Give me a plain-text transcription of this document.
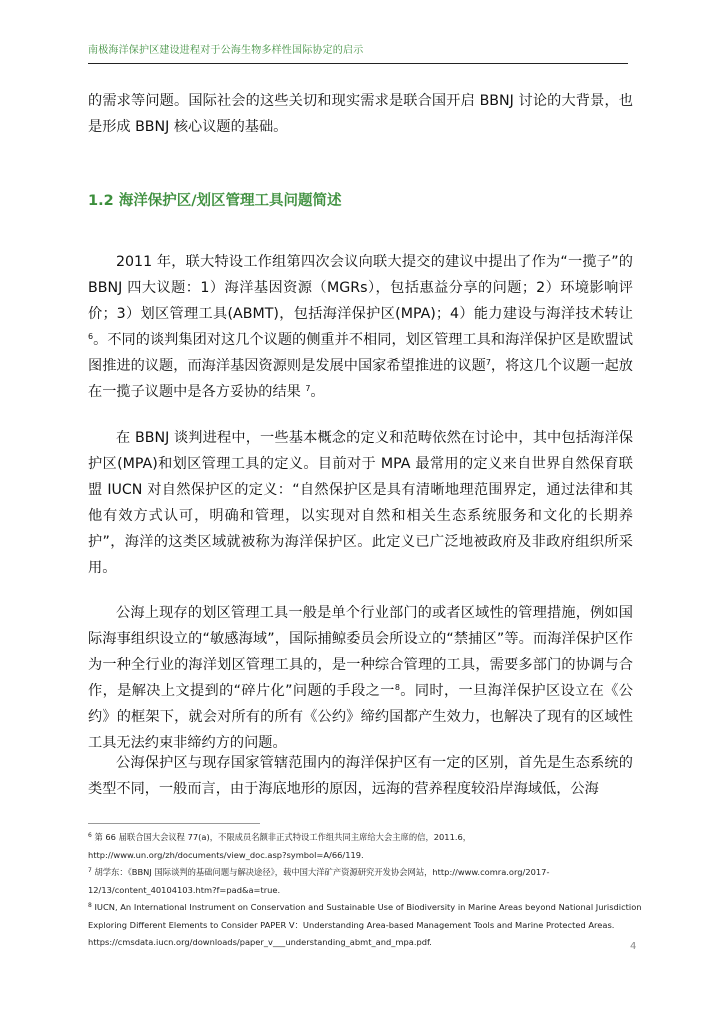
南极海洋保护区建设进程对于公海生物多样性国际协定的启示

的需求等问题。国际社会的这些关切和现实需求是联合国开启 BBNJ 讨论的大背景，也是形成 BBNJ 核心议题的基础。

1.2 海洋保护区/划区管理工具问题简述

2011 年，联大特设工作组第四次会议向联大提交的建议中提出了作为“一揽子”的 BBNJ 四大议题：1）海洋基因资源（MGRs），包括惠益分享的问题；2）环境影响评价；3）划区管理工具(ABMT)，包括海洋保护区(MPA)；4）能力建设与海洋技术转让$^6$。不同的谈判集团对这几个议题的侧重并不相同，划区管理工具和海洋保护区是欧盟试图推进的议题，而海洋基因资源则是发展中国家希望推进的议题$^7$，将这几个议题一起放在一揽子议题中是各方妥协的结果 $^7$。

在 BBNJ 谈判进程中，一些基本概念的定义和范畴依然在讨论中，其中包括海洋保护区(MPA)和划区管理工具的定义。目前对于 MPA 最常用的定义来自世界自然保育联盟 IUCN 对自然保护区的定义：“自然保护区是具有清晰地理范围界定，通过法律和其他有效方式认可，明确和管理，以实现对自然和相关生态系统服务和文化的长期养护”，海洋的这类区域就被称为海洋保护区。此定义已广泛地被政府及非政府组织所采用。

公海上现存的划区管理工具一般是单个行业部门的或者区域性的管理措施，例如国际海事组织设立的“敏感海域”，国际捕鲸委员会所设立的“禁捕区”等。而海洋保护区作为一种全行业的海洋划区管理工具的，是一种综合管理的工具，需要多部门的协调与合作，是解决上文提到的“碎片化”问题的手段之一$^8$。同时，一旦海洋保护区设立在《公约》的框架下，就会对所有的所有《公约》缔约国都产生效力，也解决了现有的区域性工具无法约束非缔约方的问题。

公海保护区与现存国家管辖范围内的海洋保护区有一定的区别，首先是生态系统的类型不同，一般而言，由于海底地形的原因，远海的营养程度较沿岸海域低，公海

$^6$ 第 66 届联合国大会议程 77(a)，不限成员名额非正式特设工作组共同主席给大会主席的信，2011.6，
http://www.un.org/zh/documents/view_doc.asp?symbol=A/66/119.
$^7$ 胡学东：《BBNJ 国际谈判的基础问题与解决途径》，载中国大洋矿产资源研究开发协会网站，http://www.comra.org/2017-
12/13/content_40104103.htm?f=pad&a=true.
$^8$ IUCN, An International Instrument on Conservation and Sustainable Use of Biodiversity in Marine Areas beyond National Jurisdiction
Exploring Different Elements to Consider PAPER V：Understanding Area-based Management Tools and Marine Protected Areas.
https://cmsdata.iucn.org/downloads/paper_v___understanding_abmt_and_mpa.pdf.	4
